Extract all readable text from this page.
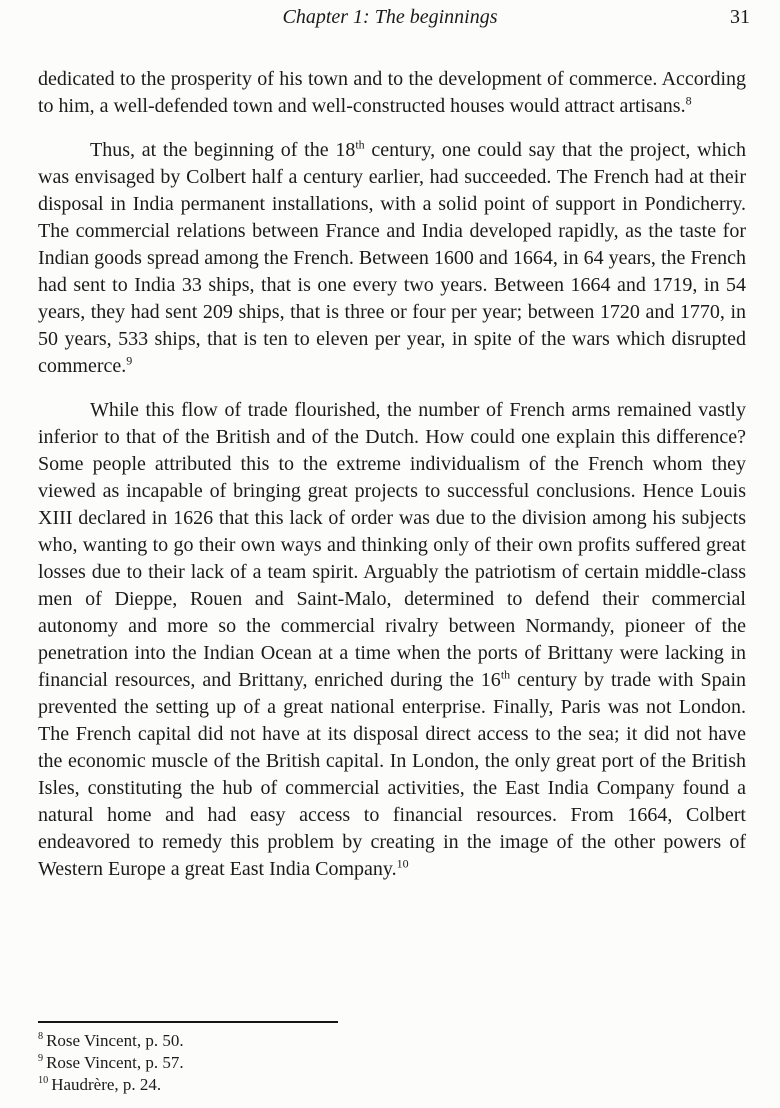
Chapter 1: The beginnings	31

dedicated to the prosperity of his town and to the development of commerce. According to him, a well-defended town and well-constructed houses would attract artisans.$^8$

Thus, at the beginning of the 18th century, one could say that the project, which was envisaged by Colbert half a century earlier, had succeeded. The French had at their disposal in India permanent installations, with a solid point of support in Pondicherry. The commercial relations between France and India developed rapidly, as the taste for Indian goods spread among the French. Between 1600 and 1664, in 64 years, the French had sent to India 33 ships, that is one every two years. Between 1664 and 1719, in 54 years, they had sent 209 ships, that is three or four per year; between 1720 and 1770, in 50 years, 533 ships, that is ten to eleven per year, in spite of the wars which disrupted commerce.$^9$

While this flow of trade flourished, the number of French arms remained vastly inferior to that of the British and of the Dutch. How could one explain this difference? Some people attributed this to the extreme individualism of the French whom they viewed as incapable of bringing great projects to successful conclusions. Hence Louis XIII declared in 1626 that this lack of order was due to the division among his subjects who, wanting to go their own ways and thinking only of their own profits suffered great losses due to their lack of a team spirit. Arguably the patriotism of certain middle-class men of Dieppe, Rouen and Saint-Malo, determined to defend their commercial autonomy and more so the commercial rivalry between Normandy, pioneer of the penetration into the Indian Ocean at a time when the ports of Brittany were lacking in financial resources, and Brittany, enriched during the 16th century by trade with Spain prevented the setting up of a great national enterprise. Finally, Paris was not London. The French capital did not have at its disposal direct access to the sea; it did not have the economic muscle of the British capital. In London, the only great port of the British Isles, constituting the hub of commercial activities, the East India Company found a natural home and had easy access to financial resources. From 1664, Colbert endeavored to remedy this problem by creating in the image of the other powers of Western Europe a great East India Company.$^{10}$

$^8$ Rose Vincent, p. 50.
$^9$ Rose Vincent, p. 57.
$^{10}$ Haudrère, p. 24.
